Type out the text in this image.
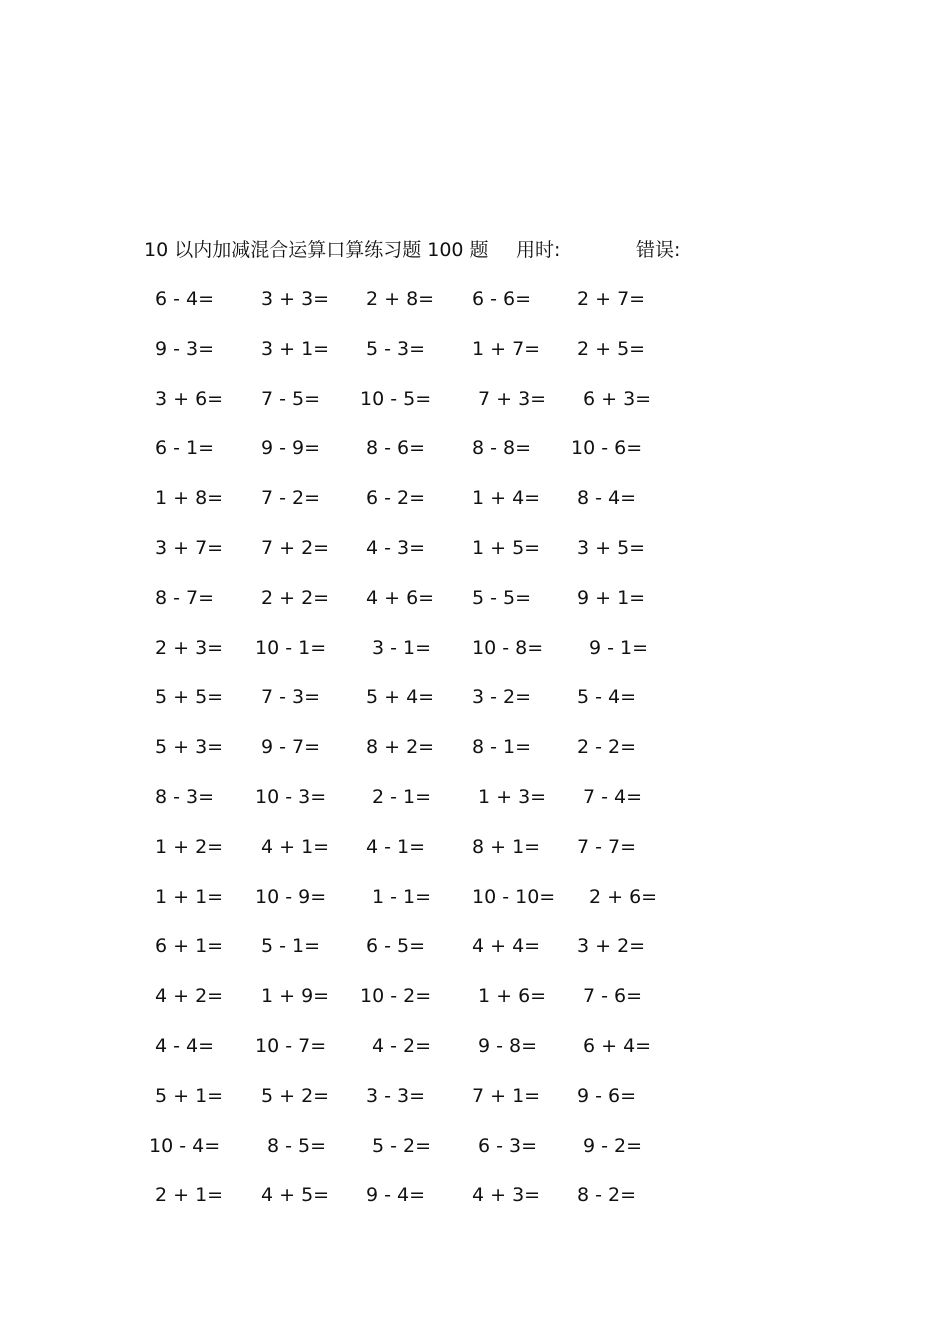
10 以内加减混合运算口算练习题 100 题 用时:	错误:
6 - 4= 3 + 3= 2 + 8= 6 - 6= 2 + 7=
9 - 3= 3 + 1= 5 - 3= 1 + 7= 2 + 5=
3 + 6= 7 - 5= 10 - 5= 7 + 3= 6 + 3=
6 - 1= 9 - 9= 8 - 6= 8 - 8= 10 - 6=
1 + 8= 7 - 2= 6 - 2= 1 + 4= 8 - 4=
3 + 7= 7 + 2= 4 - 3= 1 + 5= 3 + 5=
8 - 7= 2 + 2= 4 + 6= 5 - 5= 9 + 1=
2 + 3= 10 - 1= 3 - 1= 10 - 8= 9 - 1=
5 + 5= 7 - 3= 5 + 4= 3 - 2= 5 - 4=
5 + 3= 9 - 7= 8 + 2= 8 - 1= 2 - 2=
8 - 3= 10 - 3= 2 - 1= 1 + 3= 7 - 4=
1 + 2= 4 + 1= 4 - 1= 8 + 1= 7 - 7=
1 + 1= 10 - 9= 1 - 1= 10 - 10= 2 + 6=
6 + 1= 5 - 1= 6 - 5= 4 + 4= 3 + 2=
4 + 2= 1 + 9= 10 - 2= 1 + 6= 7 - 6=
4 - 4= 10 - 7= 4 - 2= 9 - 8= 6 + 4=
5 + 1= 5 + 2= 3 - 3= 7 + 1= 9 - 6=
10 - 4= 8 - 5= 5 - 2= 6 - 3= 9 - 2=
2 + 1= 4 + 5= 9 - 4= 4 + 3= 8 - 2=
